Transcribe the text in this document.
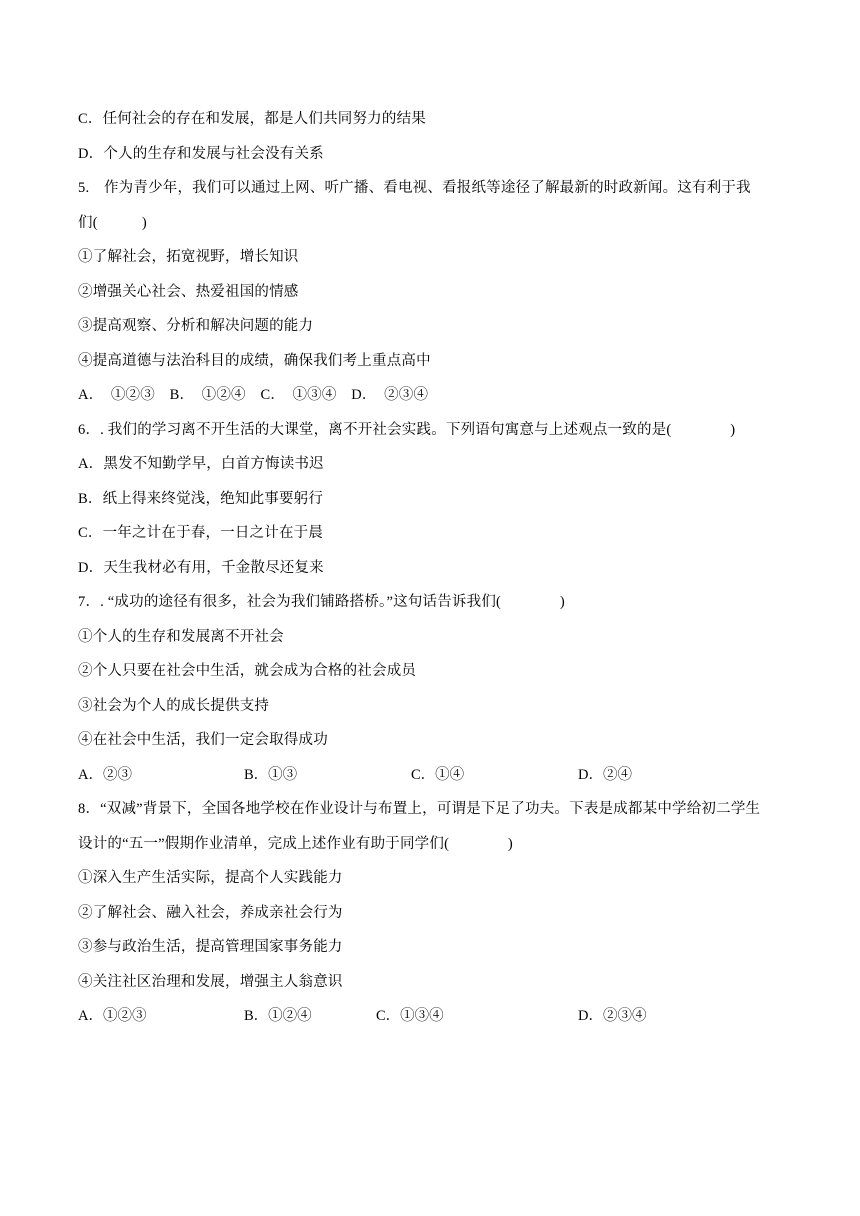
C．任何社会的存在和发展，都是人们共同努力的结果
D．个人的生存和发展与社会没有关系
5.　作为青少年，我们可以通过上网、听广播、看电视、看报纸等途径了解最新的时政新闻。这有利于我
们(　　　)
①了解社会，拓宽视野，增长知识
②增强关心社会、热爱祖国的情感
③提高观察、分析和解决问题的能力
④提高道德与法治科目的成绩，确保我们考上重点高中
A．　①②③　B．　①②④　C．　①③④　D．　②③④
6．. 我们的学习离不开生活的大课堂，离不开社会实践。下列语句寓意与上述观点一致的是(　　　　)
A．黑发不知勤学早，白首方悔读书迟
B．纸上得来终觉浅，绝知此事要躬行
C．一年之计在于春，一日之计在于晨
D．天生我材必有用，千金散尽还复来
7．. “成功的途径有很多，社会为我们铺路搭桥。”这句话告诉我们(　　　　)
①个人的生存和发展离不开社会
②个人只要在社会中生活，就会成为合格的社会成员
③社会为个人的成长提供支持
④在社会中生活，我们一定会取得成功

A．②③

	B．①③

	C．①④

	D．②④

8．“双减”背景下，全国各地学校在作业设计与布置上，可谓是下足了功夫。下表是成都某中学给初二学生
设计的“五一”假期作业清单，完成上述作业有助于同学们(　　　　)
①深入生产生活实际，提高个人实践能力
②了解社会、融入社会，养成亲社会行为
③参与政治生活，提高管理国家事务能力
④关注社区治理和发展，增强主人翁意识

A．①②③

	B．①②④

	C．①③④

	D．②③④
